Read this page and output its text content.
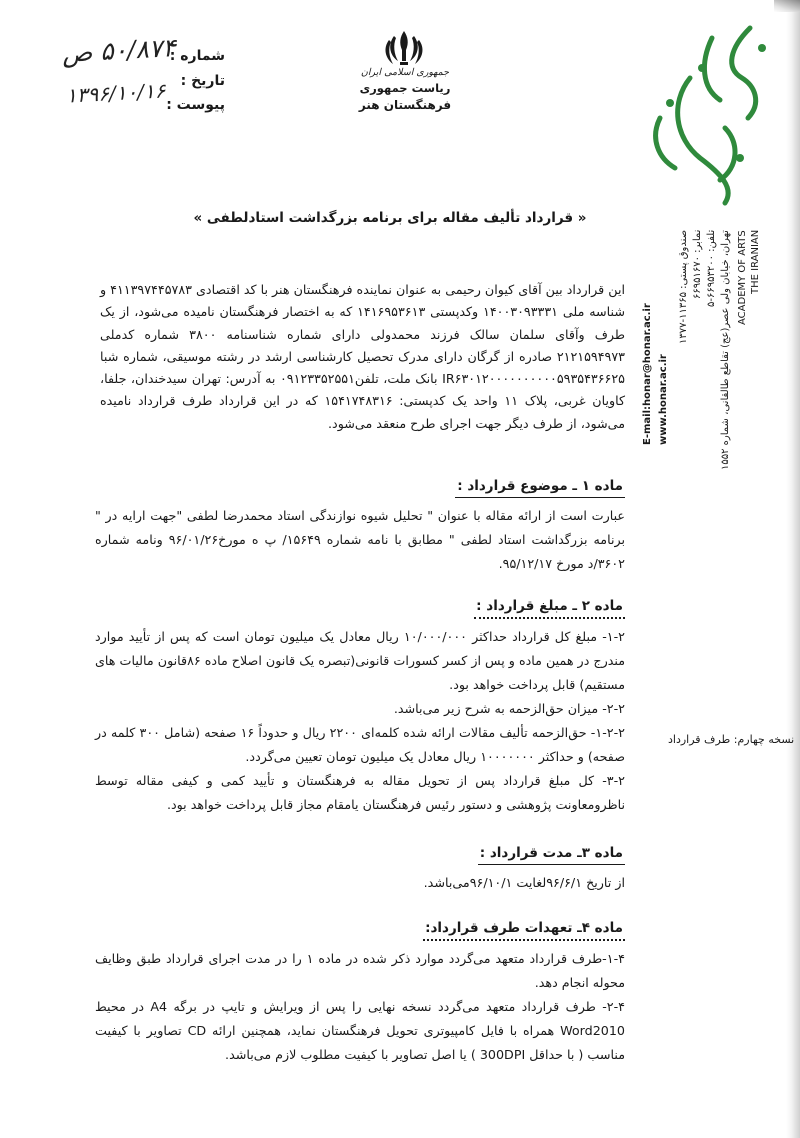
شماره :
تاریخ :
پیوست :
۵۰/۸۷۴ ص
۱۳۹۶/۱۰/۱۶
جمهوری اسلامی ایران
ریاست جمهوری
فرهنگستان هنر
فرهنگستان هنر
THE IRANIAN
ACADEMY OF ARTS
تهران، خیابان ولی عصر(عج) تقاطع طالقانی، شماره ۱۵۵۲
تلفن: ۶۶۹۵۳۲۰۰-۵
نمابر: ۶۶۹۵۱۶۷۰
صندوق پستی: ۱۱۳۶۵-۱۳۷۷
www.honar.ac.ir
E-mail:honar@honar.ac.ir
نسخه چهارم: طرف قرارداد
« قرارداد تألیف مقاله برای برنامه بزرگداشت استادلطفی »
این قرارداد بین آقای کیوان رحیمی به عنوان نماینده فرهنگستان هنر با کد اقتصادی ۴۱۱۳۹۷۴۴۵۷۸۳ و شناسه ملی ۱۴۰۰۳۰۹۳۳۳۱ وکدپستی ۱۴۱۶۹۵۳۶۱۳ که به اختصار فرهنگستان نامیده می‌شود، از یک طرف وآقای سلمان سالک فرزند محمدولی دارای شماره شناسنامه ۳۸۰۰ شماره کدملی ۲۱۲۱۵۹۴۹۷۳ صادره از گرگان دارای مدرک تحصیل کارشناسی ارشد در رشته موسیقی، شماره شبا IR۶۳۰۱۲۰۰۰۰۰۰۰۰۰۰۵۹۳۵۴۳۶۶۲۵ بانک ملت، تلفن۰۹۱۲۳۳۵۲۵۵۱ به آدرس: تهران سیدخندان، جلفا، کاویان غربی، پلاک ۱۱ واحد یک کدپستی: ۱۵۴۱۷۴۸۳۱۶ که در این قرارداد طرف قرارداد نامیده می‌شود، از طرف دیگر جهت اجرای طرح منعقد می‌شود.
ماده ۱ ـ موضوع قرارداد :

عبارت است از ارائه مقاله با عنوان " تحلیل شیوه نوازندگی استاد محمدرضا لطفی "جهت ارایه در " برنامه بزرگداشت استاد لطفی " مطابق با نامه شماره ۱۵۶۴۹/ پ ه مورخ۹۶/۰۱/۲۶ ونامه شماره ۳۶۰۲/د مورخ ۹۵/۱۲/۱۷.

ماده ۲ ـ مبلغ قرارداد :

۱-۲- مبلغ کل قرارداد حداکثر ۱۰/۰۰۰/۰۰۰ ریال معادل یک میلیون تومان است که پس از تأیید موارد مندرج در همین ماده و پس از کسر کسورات قانونی(تبصره یک قانون اصلاح ماده ۸۶قانون مالیات های مستقیم) قابل پرداخت خواهد بود.

۲-۲- میزان حق‌الزحمه به شرح زیر می‌باشد.

۱-۲-۲- حق‌الزحمه تألیف مقالات ارائه شده کلمه‌ای ۲۲۰۰ ریال و حدوداً ۱۶ صفحه (شامل ۳۰۰ کلمه در صفحه) و حداکثر ۱۰۰۰۰۰۰۰ ریال معادل یک میلیون تومان تعیین می‌گردد.

۳-۲- کل مبلغ قرارداد پس از تحویل مقاله به فرهنگستان و تأیید کمی و کیفی مقاله توسط ناظرومعاونت پژوهشی و دستور رئیس فرهنگستان یامقام مجاز قابل پرداخت خواهد بود.

ماده ۳ـ مدت قرارداد :

از تاریخ ۹۶/۶/۱لغایت ۹۶/۱۰/۱می‌باشد.

ماده ۴ـ تعهدات طرف قرارداد:

۱-۴-طرف قرارداد متعهد می‌گردد موارد ذکر شده در ماده ۱ را در مدت اجرای قرارداد طبق وظایف محوله انجام دهد.

۲-۴- طرف قرارداد متعهد می‌گردد نسخه نهایی را پس از ویرایش و تایپ در برگه A4 در محیط Word2010 همراه با فایل کامپیوتری تحویل فرهنگستان نماید، همچنین ارائه CD تصاویر با کیفیت مناسب ( با حداقل 300DPI ) یا اصل تصاویر با کیفیت مطلوب لازم می‌باشد.
